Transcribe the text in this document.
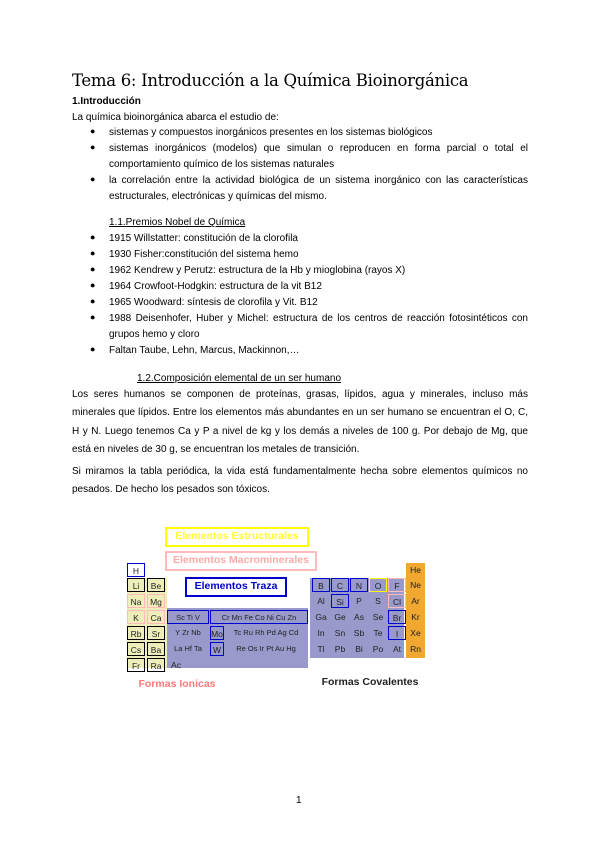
Tema 6: Introducción a la Química Bioinorgánica
1.Introducción
La química bioinorgánica abarca el estudio de:
● sistemas y compuestos inorgánicos presentes en los sistemas biológicos
● sistemas inorgánicos (modelos) que simulan o reproducen en forma parcial o total el comportamiento químico de los sistemas naturales
● la correlación entre la actividad biológica de un sistema inorgánico con las características estructurales, electrónicas y químicas del mismo.
1.1.Premios Nobel de Química
● 1915 Willstatter: constitución de la clorofila
● 1930 Fisher:constitución del sistema hemo
● 1962 Kendrew y Perutz: estructura de la Hb y mioglobina (rayos X)
● 1964 Crowfoot-Hodgkin: estructura de la vit B12
● 1965 Woodward: síntesis de clorofila y Vit. B12
● 1988 Deisenhofer, Huber y Michel: estructura de los centros de reacción fotosintéticos con grupos hemo y cloro
● Faltan Taube, Lehn, Marcus, Mackinnon,…
1.2.Composición elemental de un ser humano
Los seres humanos se componen de proteínas, grasas, lípidos, agua y minerales, incluso más minerales que lípidos. Entre los elementos más abundantes en un ser humano se encuentran el O, C, H y N. Luego tenemos Ca y P a nivel de kg y los demás a niveles de 100 g. Por debajo de Mg, que está en niveles de 30 g, se encuentran los metales de transición.
Si miramos la tabla periódica, la vida está fundamentalmente hecha sobre elementos químicos no pesados. De hecho los pesados son tóxicos.
Elementos Estructurales
Elementos Macrominerales
Elementos Traza
H	He
Li	Be	B	C	N	O	F	Ne
Na	Mg	Al	Si	P	S	Cl	Ar
K	Ca	Sc Ti V	Cr Mn Fe Co Ni Cu Zn	Ga Ge As	Se	Br	Kr
Rb	Sr	Y Zr Nb	Mo	Tc Ru Rh Pd Ag Cd	In	Sn	Sb	Te	I	Xe
Cs	Ba	La Hf Ta	W	Re Os Ir Pt Au Hg	Tl	Pb	Bi	Po	At	Rn
Fr	Ra	Ac
Formas Ionicas	Formas Covalentes
1
